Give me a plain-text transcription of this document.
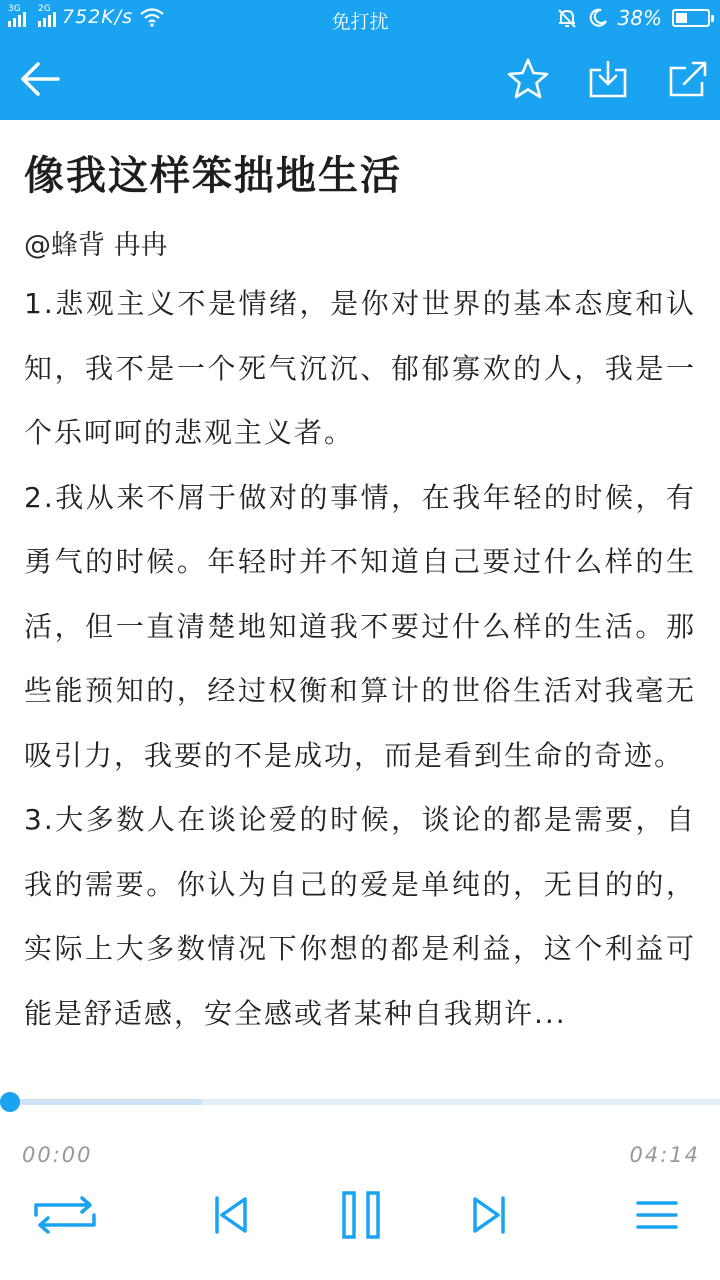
3G 2G 752K/s	免打扰	38%
像我这样笨拙地生活
@蜂背 冉冉

1.悲观主义不是情绪，是你对世界的基本态度和认知，我不是一个死气沉沉、郁郁寡欢的人，我是一个乐呵呵的悲观主义者。

2.我从来不屑于做对的事情，在我年轻的时候，有勇气的时候。年轻时并不知道自己要过什么样的生活，但一直清楚地知道我不要过什么样的生活。那些能预知的，经过权衡和算计的世俗生活对我毫无吸引力，我要的不是成功，而是看到生命的奇迹。

3.大多数人在谈论爱的时候，谈论的都是需要，自我的需要。你认为自己的爱是单纯的，无目的的，实际上大多数情况下你想的都是利益，这个利益可能是舒适感，安全感或者某种自我期许...

00:00	04:14
